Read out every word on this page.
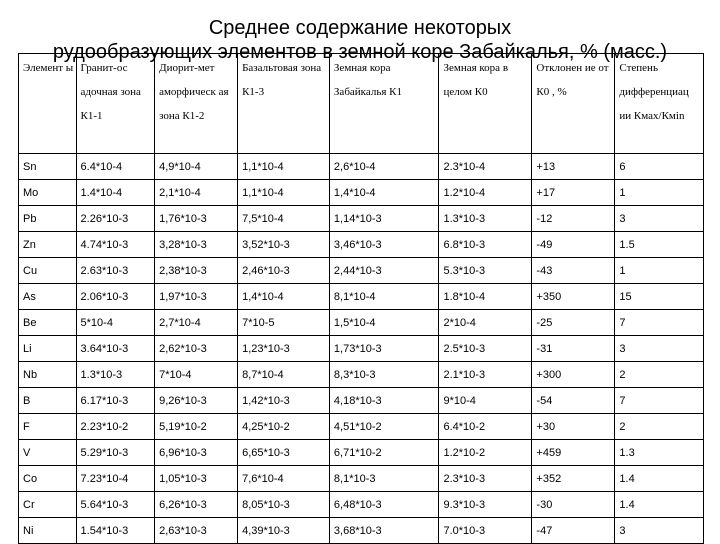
Среднее содержание некоторых
рудообразующих элементов в земной коре Забайкалья, % (масс.)
Элемент ы	Гранит-ос адочная зона К1-1	Диорит-мет аморфическ ая зона К1-2	Базальтовая зона К1-3	Земная кора Забайкалья К1	Земная кора в целом К0	Отклонен ие от К0 , %	Степень дифференциац ии Кмах/Кмin
Sn	6.4*10-4	4,9*10-4	1,1*10-4	2,6*10-4	2.3*10-4	+13	6
Mo	1.4*10-4	2,1*10-4	1,1*10-4	1,4*10-4	1.2*10-4	+17	1
Pb	2.26*10-3	1,76*10-3	7,5*10-4	1,14*10-3	1.3*10-3	-12	3
Zn	4.74*10-3	3,28*10-3	3,52*10-3	3,46*10-3	6.8*10-3	-49	1.5
Cu	2.63*10-3	2,38*10-3	2,46*10-3	2,44*10-3	5.3*10-3	-43	1
As	2.06*10-3	1,97*10-3	1,4*10-4	8,1*10-4	1.8*10-4	+350	15
Be	5*10-4	2,7*10-4	7*10-5	1,5*10-4	2*10-4	-25	7
Li	3.64*10-3	2,62*10-3	1,23*10-3	1,73*10-3	2.5*10-3	-31	3
Nb	1.3*10-3	7*10-4	8,7*10-4	8,3*10-3	2.1*10-3	+300	2
B	6.17*10-3	9,26*10-3	1,42*10-3	4,18*10-3	9*10-4	-54	7
F	2.23*10-2	5,19*10-2	4,25*10-2	4,51*10-2	6.4*10-2	+30	2
V	5.29*10-3	6,96*10-3	6,65*10-3	6,71*10-2	1.2*10-2	+459	1.3
Co	7.23*10-4	1,05*10-3	7,6*10-4	8,1*10-3	2.3*10-3	+352	1.4
Cr	5.64*10-3	6,26*10-3	8,05*10-3	6,48*10-3	9.3*10-3	-30	1.4
Ni	1.54*10-3	2,63*10-3	4,39*10-3	3,68*10-3	7.0*10-3	-47	3
